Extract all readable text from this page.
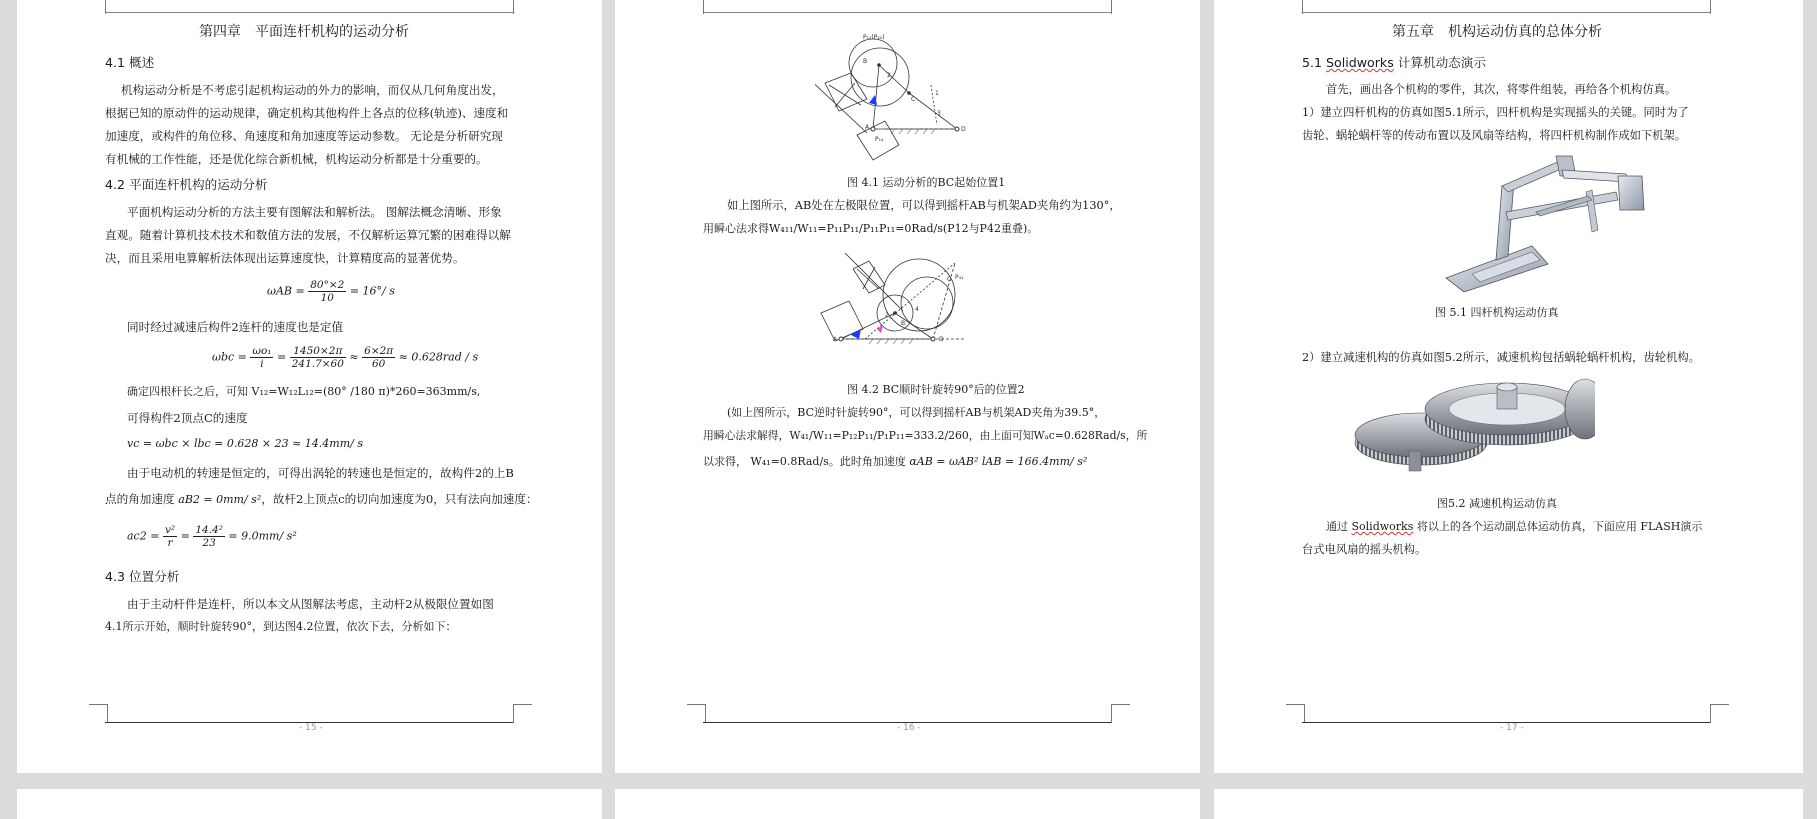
第四章　平面连杆机构的运动分析
4.1 概述
机构运动分析是不考虑引起机构运动的外力的影响，而仅从几何角度出发，
根据已知的原动件的运动规律，确定机构其他构件上各点的位移(轨迹)、速度和
加速度，或构件的角位移、角速度和角加速度等运动参数。 无论是分析研究现
有机械的工作性能，还是优化综合新机械，机构运动分析都是十分重要的。
4.2 平面连杆机构的运动分析
平面机构运动分析的方法主要有图解法和解析法。 图解法概念清晰、形象
直观。随着计算机技术技术和数值方法的发展，不仅解析运算冗繁的困难得以解
决，而且采用电算解析法体现出运算速度快，计算精度高的显著优势。
$\omega AB = \frac{80^\circ\times 2}{10} = 16^\circ/$ s
同时经过减速后构件2连杆的速度也是定值
$\omega bc = \frac{\text{ωo₁}}{i} = \frac{1450\times 2\pi}{241.7\times 60} \approx \frac{6\times 2\pi}{60} \approx 0.628rad / s$
确定四根杆长之后，可知 V₁₂=W₁₂L₁₂=(80° /180 π)*260=363mm/s,
可得构件2顶点C的速度
vc = ωbc × lbc = 0.628 × 23 ≈ 14.4mm/ s
由于电动机的转速是恒定的，可得出涡轮的转速也是恒定的，故构件2的上B
点的角加速度 aB2 = 0mm/ s²，故杆2上顶点c的切向加速度为0，只有法向加速度：
$ac2 = \frac{\text{v²}}{r} = \frac{\text{14.4²}}{23} = 9.0mm/$ s²
4.3 位置分析
由于主动杆件是连杆，所以本文从图解法考虑，主动杆2从极限位置如图
4.1所示开始，顺时针旋转90°，到达图4.2位置，依次下去，分析如下：
- 15 -
P₁₂(P₄₂)
B
C
A	D
P₁₄
1
2
3
图 4.1 运动分析的BC起始位置1
如上图所示，AB处在左极限位置，可以得到摇杆AB与机架AD夹角约为130°，
用瞬心法求得W₄₁₁/W₁₁=P₁₁P₁₁/P₁₁P₁₁=0Rad/s(P12与P42重叠)。
A	D
B
C P₄₁
2
4
图 4.2 BC顺时针旋转90°后的位置2
(如上图所示，BC逆时针旋转90°，可以得到摇杆AB与机架AD夹角为39.5°，
用瞬心法求解得，W₄₁/W₁₁=P₁₂P₁₁/P₁P₁₁=333.2/260，由上面可知Wₐc=0.628Rad/s，所
以求得， W₄₁=0.8Rad/s。此时角加速度 αAB = ωAB² lAB = 166.4mm/ s²
- 16 -
第五章　机构运动仿真的总体分析
5.1 Solidworks 计算机动态演示
首先，画出各个机构的零件，其次，将零件组装，再给各个机构仿真。
1）建立四杆机构的仿真如图5.1所示，四杆机构是实现摇头的关键。同时为了
齿轮、蜗轮蜗杆等的传动布置以及风扇等结构，将四杆机构制作成如下机架。
图 5.1 四杆机构运动仿真
2）建立减速机构的仿真如图5.2所示，减速机构包括蜗轮蜗杆机构，齿轮机构。
图5.2 减速机构运动仿真
通过 Solidworks 将以上的各个运动副总体运动仿真，下面应用 FLASH演示
台式电风扇的摇头机构。
- 17 -
